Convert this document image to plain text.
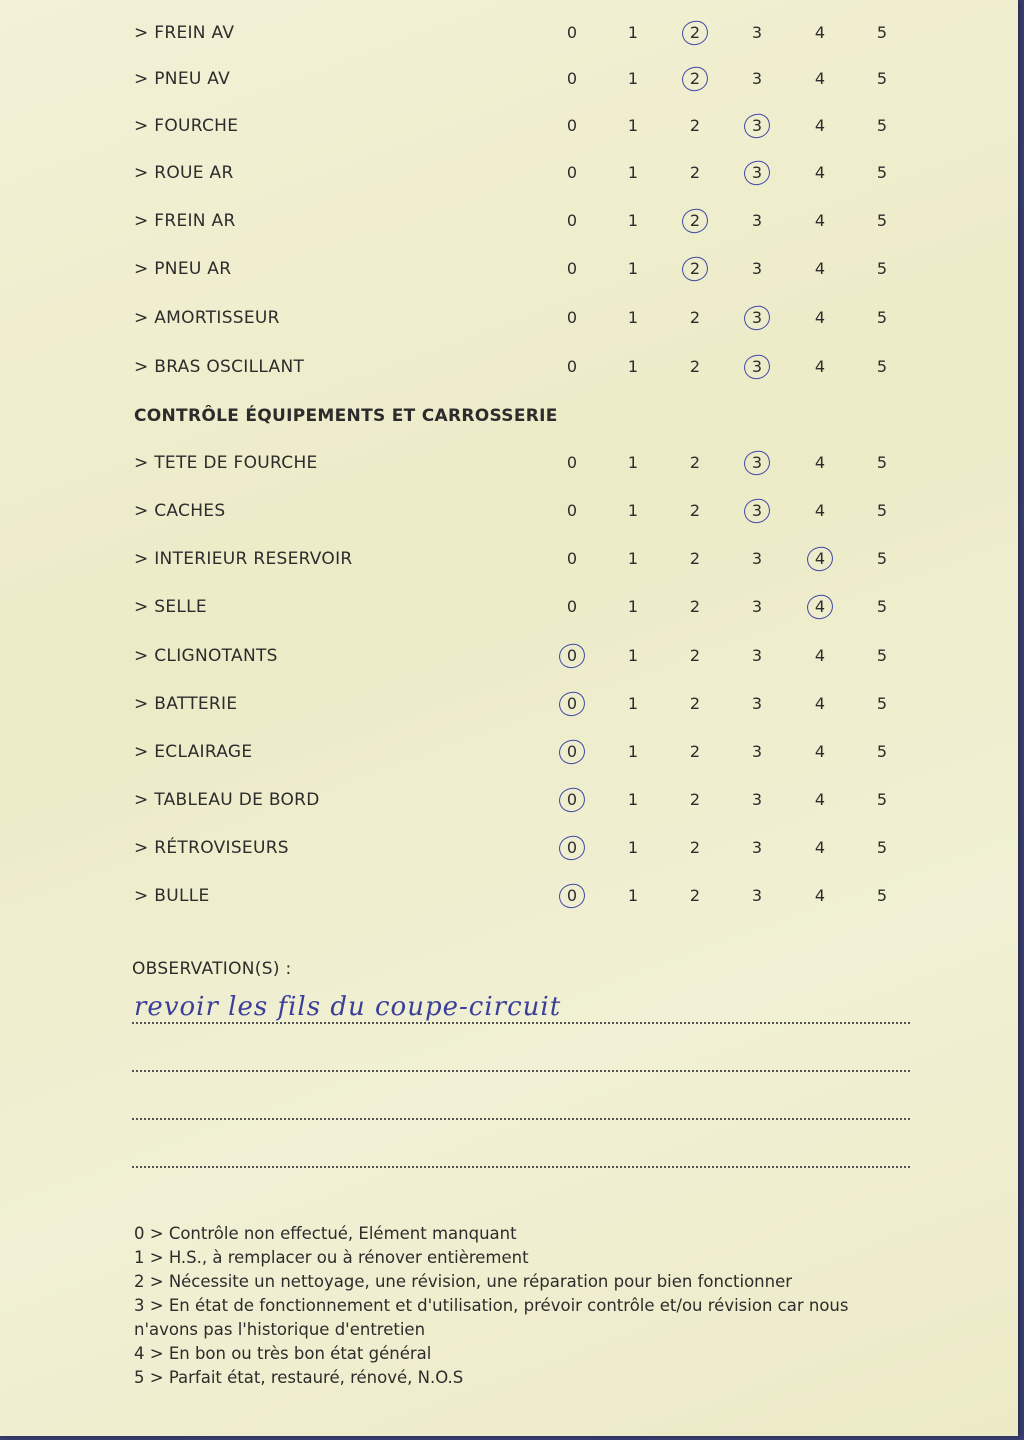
> FREIN AV	0	1	2	3	4	5
> PNEU AV	0	1	2	3	4	5
> FOURCHE	0	1	2	3	4	5
> ROUE AR	0	1	2	3	4	5
> FREIN AR	0	1	2	3	4	5
> PNEU AR	0	1	2	3	4	5
> AMORTISSEUR	0	1	2	3	4	5
> BRAS OSCILLANT	0	1	2	3	4	5
> TETE DE FOURCHE	0	1	2	3	4	5
> CACHES	0	1	2	3	4	5
> INTERIEUR RESERVOIR	0	1	2	3	4	5
> SELLE	0	1	2	3	4	5
> CLIGNOTANTS	0	1	2	3	4	5
> BATTERIE	0	1	2	3	4	5
> ECLAIRAGE	0	1	2	3	4	5
> TABLEAU DE BORD	0	1	2	3	4	5
> RÉTROVISEURS	0	1	2	3	4	5
> BULLE	0	1	2	3	4	5
CONTRÔLE ÉQUIPEMENTS ET CARROSSERIE
OBSERVATION(S) :
revoir les fils du coupe-circuit
0 > Contrôle non effectué, Elément manquant
1 > H.S., à remplacer ou à rénover entièrement
2 > Nécessite un nettoyage, une révision, une réparation pour bien fonctionner
3 > En état de fonctionnement et d'utilisation, prévoir contrôle et/ou révision car nous n'avons pas l'historique d'entretien
4 > En bon ou très bon état général
5 > Parfait état, restauré, rénové, N.O.S
